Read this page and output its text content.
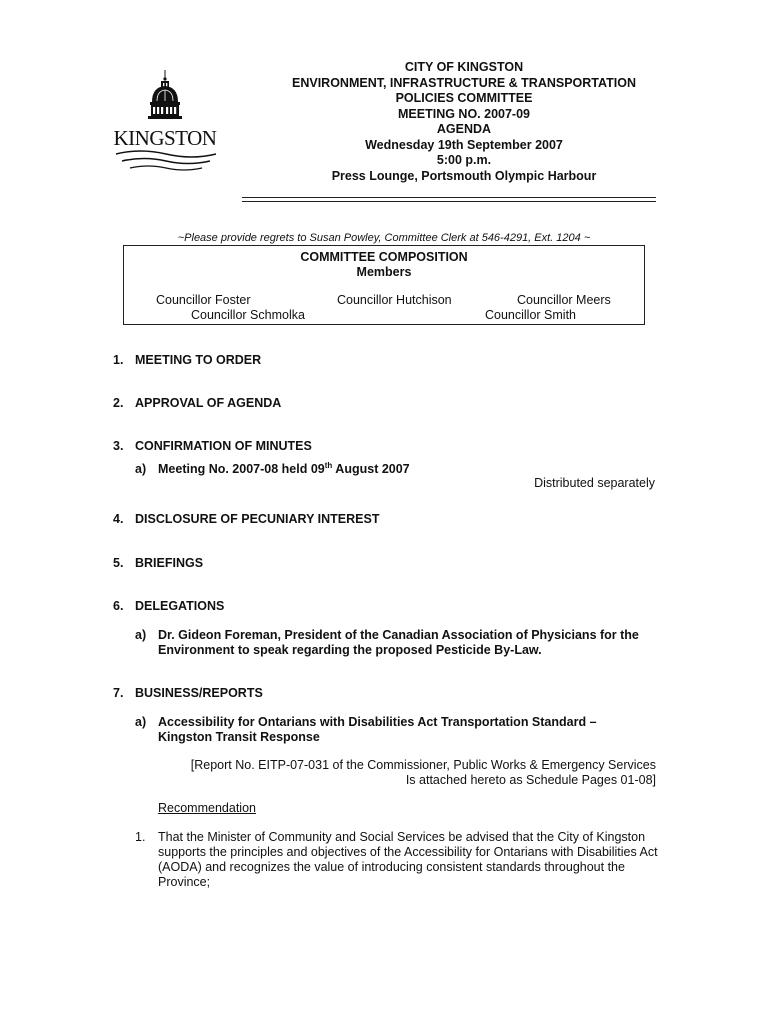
KINGSTON
CITY OF KINGSTON
ENVIRONMENT, INFRASTRUCTURE & TRANSPORTATION
POLICIES COMMITTEE
MEETING NO. 2007-09
AGENDA
Wednesday 19th September 2007
5:00 p.m.
Press Lounge, Portsmouth Olympic Harbour
~Please provide regrets to Susan Powley, Committee Clerk at 546-4291, Ext. 1204 ~
COMMITTEE COMPOSITION
Members
Councillor Foster	Councillor Hutchison	Councillor Meers
Councillor Schmolka	Councillor Smith
1. MEETING TO ORDER
2. APPROVAL OF AGENDA
3. CONFIRMATION OF MINUTES
a) Meeting No. 2007-08 held 09th August 2007
Distributed separately
4. DISCLOSURE OF PECUNIARY INTEREST
5. BRIEFINGS
6. DELEGATIONS
a) Dr. Gideon Foreman, President of the Canadian Association of Physicians for the
Environment to speak regarding the proposed Pesticide By-Law.
7. BUSINESS/REPORTS
a) Accessibility for Ontarians with Disabilities Act Transportation Standard –
Kingston Transit Response
[Report No. EITP-07-031 of the Commissioner, Public Works & Emergency Services
Is attached hereto as Schedule Pages 01-08]
Recommendation
1. That the Minister of Community and Social Services be advised that the City of Kingston supports the principles and objectives of the Accessibility for Ontarians with Disabilities Act (AODA) and recognizes the value of introducing consistent standards throughout the Province;
